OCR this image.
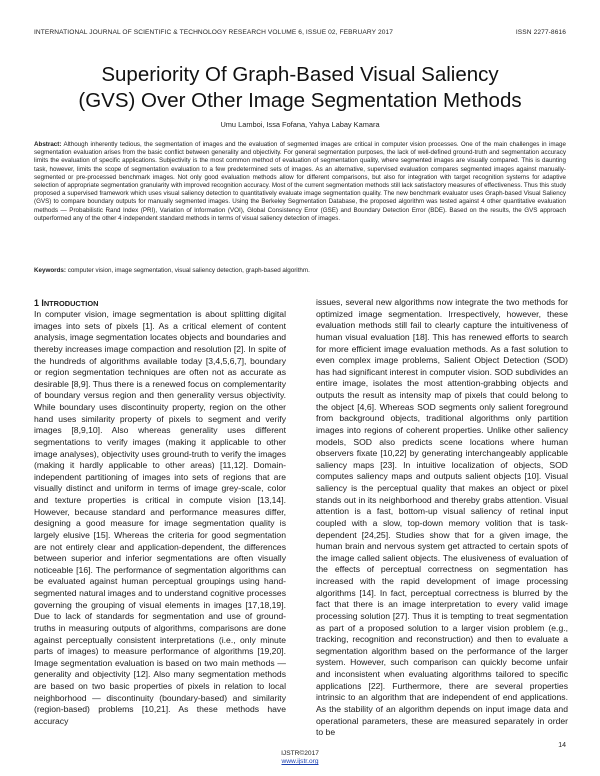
INTERNATIONAL JOURNAL OF SCIENTIFIC & TECHNOLOGY RESEARCH VOLUME 6, ISSUE 02, FEBRUARY 2017	ISSN 2277-8616
Superiority Of Graph-Based Visual Saliency
(GVS) Over Other Image Segmentation Methods
Umu Lamboi, Issa Fofana, Yahya Labay Kamara
Abstract: Although inherently tedious, the segmentation of images and the evaluation of segmented images are critical in computer vision processes. One of the main challenges in image segmentation evaluation arises from the basic conflict between generality and objectivity. For general segmentation purposes, the lack of well-defined ground-truth and segmentation accuracy limits the evaluation of specific applications. Subjectivity is the most common method of evaluation of segmentation quality, where segmented images are visually compared. This is daunting task, however, limits the scope of segmentation evaluation to a few predetermined sets of images. As an alternative, supervised evaluation compares segmented images against manually-segmented or pre-processed benchmark images. Not only good evaluation methods allow for different comparisons, but also for integration with target recognition systems for adaptive selection of appropriate segmentation granularity with improved recognition accuracy. Most of the current segmentation methods still lack satisfactory measures of effectiveness. Thus this study proposed a supervised framework which uses visual saliency detection to quantitatively evaluate image segmentation quality. The new benchmark evaluator uses Graph-based Visual Saliency (GVS) to compare boundary outputs for manually segmented images. Using the Berkeley Segmentation Database, the proposed algorithm was tested against 4 other quantitative evaluation methods — Probabilistic Rand Index (PRI), Variation of Information (VOI), Global Consistency Error (GSE) and Boundary Detection Error (BDE). Based on the results, the GVS approach outperformed any of the other 4 independent standard methods in terms of visual saliency detection of images.
Keywords: computer vision, image segmentation, visual saliency detection, graph-based algorithm.
1 INTRODUCTION

In computer vision, image segmentation is about splitting digital images into sets of pixels [1]. As a critical element of content analysis, image segmentation locates objects and boundaries and thereby increases image compaction and resolution [2]. In spite of the hundreds of algorithms available today [3,4,5,6,7], boundary or region segmentation techniques are often not as accurate as desirable [8,9]. Thus there is a renewed focus on complementarity of boundary versus region and then generality versus objectivity. While boundary uses discontinuity property, region on the other hand uses similarity property of pixels to segment and verify images [8,9,10]. Also whereas generality uses different segmentations to verify images (making it applicable to other image analyses), objectivity uses ground-truth to verify the images (making it hardly applicable to other areas) [11,12]. Domain-independent partitioning of images into sets of regions that are visually distinct and uniform in terms of image grey-scale, color and texture properties is critical in compute vision [13,14]. However, because standard and performance measures differ, designing a good measure for image segmentation quality is largely elusive [15]. Whereas the criteria for good segmentation are not entirely clear and application-dependent, the differences between superior and inferior segmentations are often visually noticeable [16]. The performance of segmentation algorithms can be evaluated against human perceptual groupings using hand-segmented natural images and to understand cognitive processes governing the grouping of visual elements in images [17,18,19]. Due to lack of standards for segmentation and use of ground-truths in measuring outputs of algorithms, comparisons are done against perceptually consistent interpretations (i.e., only minute parts of images) to measure performance of algorithms [19,20]. Image segmentation evaluation is based on two main methods — generality and objectivity [12]. Also many segmentation methods are based on two basic properties of pixels in relation to local neighborhood — discontinuity (boundary-based) and similarity (region-based) problems [10,21]. As these methods have accuracy

issues, several new algorithms now integrate the two methods for optimized image segmentation. Irrespectively, however, these evaluation methods still fail to clearly capture the intuitiveness of human visual evaluation [18]. This has renewed efforts to search for more efficient image evaluation methods. As a fast solution to even complex image problems, Salient Object Detection (SOD) has had significant interest in computer vision. SOD subdivides an entire image, isolates the most attention-grabbing objects and outputs the result as intensity map of pixels that could belong to the object [4,6]. Whereas SOD segments only salient foreground from background objects, traditional algorithms only partition images into regions of coherent properties. Unlike other saliency models, SOD also predicts scene locations where human observers fixate [10,22] by generating interchangeably applicable saliency maps [23]. In intuitive localization of objects, SOD computes saliency maps and outputs salient objects [10]. Visual saliency is the perceptual quality that makes an object or pixel stands out in its neighborhood and thereby grabs attention. Visual attention is a fast, bottom-up visual saliency of retinal input coupled with a slow, top-down memory volition that is task-dependent [24,25]. Studies show that for a given image, the human brain and nervous system get attracted to certain spots of the image called salient objects. The elusiveness of evaluation of the effects of perceptual correctness on segmentation has increased with the rapid development of image processing algorithms [14]. In fact, perceptual correctness is blurred by the fact that there is an image interpretation to every valid image processing solution [27]. Thus it is tempting to treat segmentation as part of a proposed solution to a larger vision problem (e.g., tracking, recognition and reconstruction) and then to evaluate a segmentation algorithm based on the performance of the larger system. However, such comparison can quickly become unfair and inconsistent when evaluating algorithms tailored to specific applications [22]. Furthermore, there are several properties intrinsic to an algorithm that are independent of end applications. As the stability of an algorithm depends on input image data and operational parameters, these are measured separately in order to be

14
IJSTR©2017
www.ijstr.org
